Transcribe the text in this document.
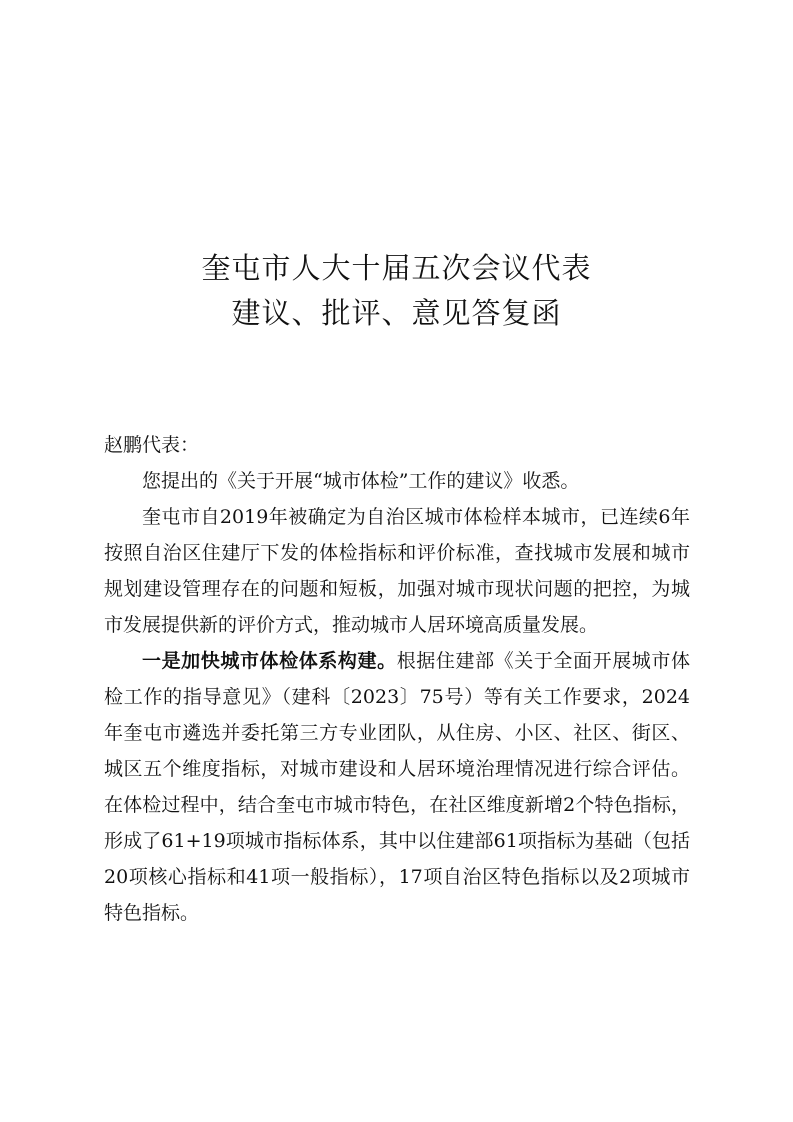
奎屯市人大十届五次会议代表
建议、批评、意见答复函

赵鹏代表：

您提出的《关于开展“城市体检”工作的建议》收悉。

奎屯市自2019年被确定为自治区城市体检样本城市，已连续6年按照自治区住建厅下发的体检指标和评价标准，查找城市发展和城市规划建设管理存在的问题和短板，加强对城市现状问题的把控，为城市发展提供新的评价方式，推动城市人居环境高质量发展。

一是加快城市体检体系构建。根据住建部《关于全面开展城市体检工作的指导意见》（建科〔2023〕75号）等有关工作要求，2024年奎屯市遴选并委托第三方专业团队，从住房、小区、社区、街区、城区五个维度指标，对城市建设和人居环境治理情况进行综合评估。在体检过程中，结合奎屯市城市特色，在社区维度新增2个特色指标，形成了61+19项城市指标体系，其中以住建部61项指标为基础（包括20项核心指标和41项一般指标），17项自治区特色指标以及2项城市特色指标。
